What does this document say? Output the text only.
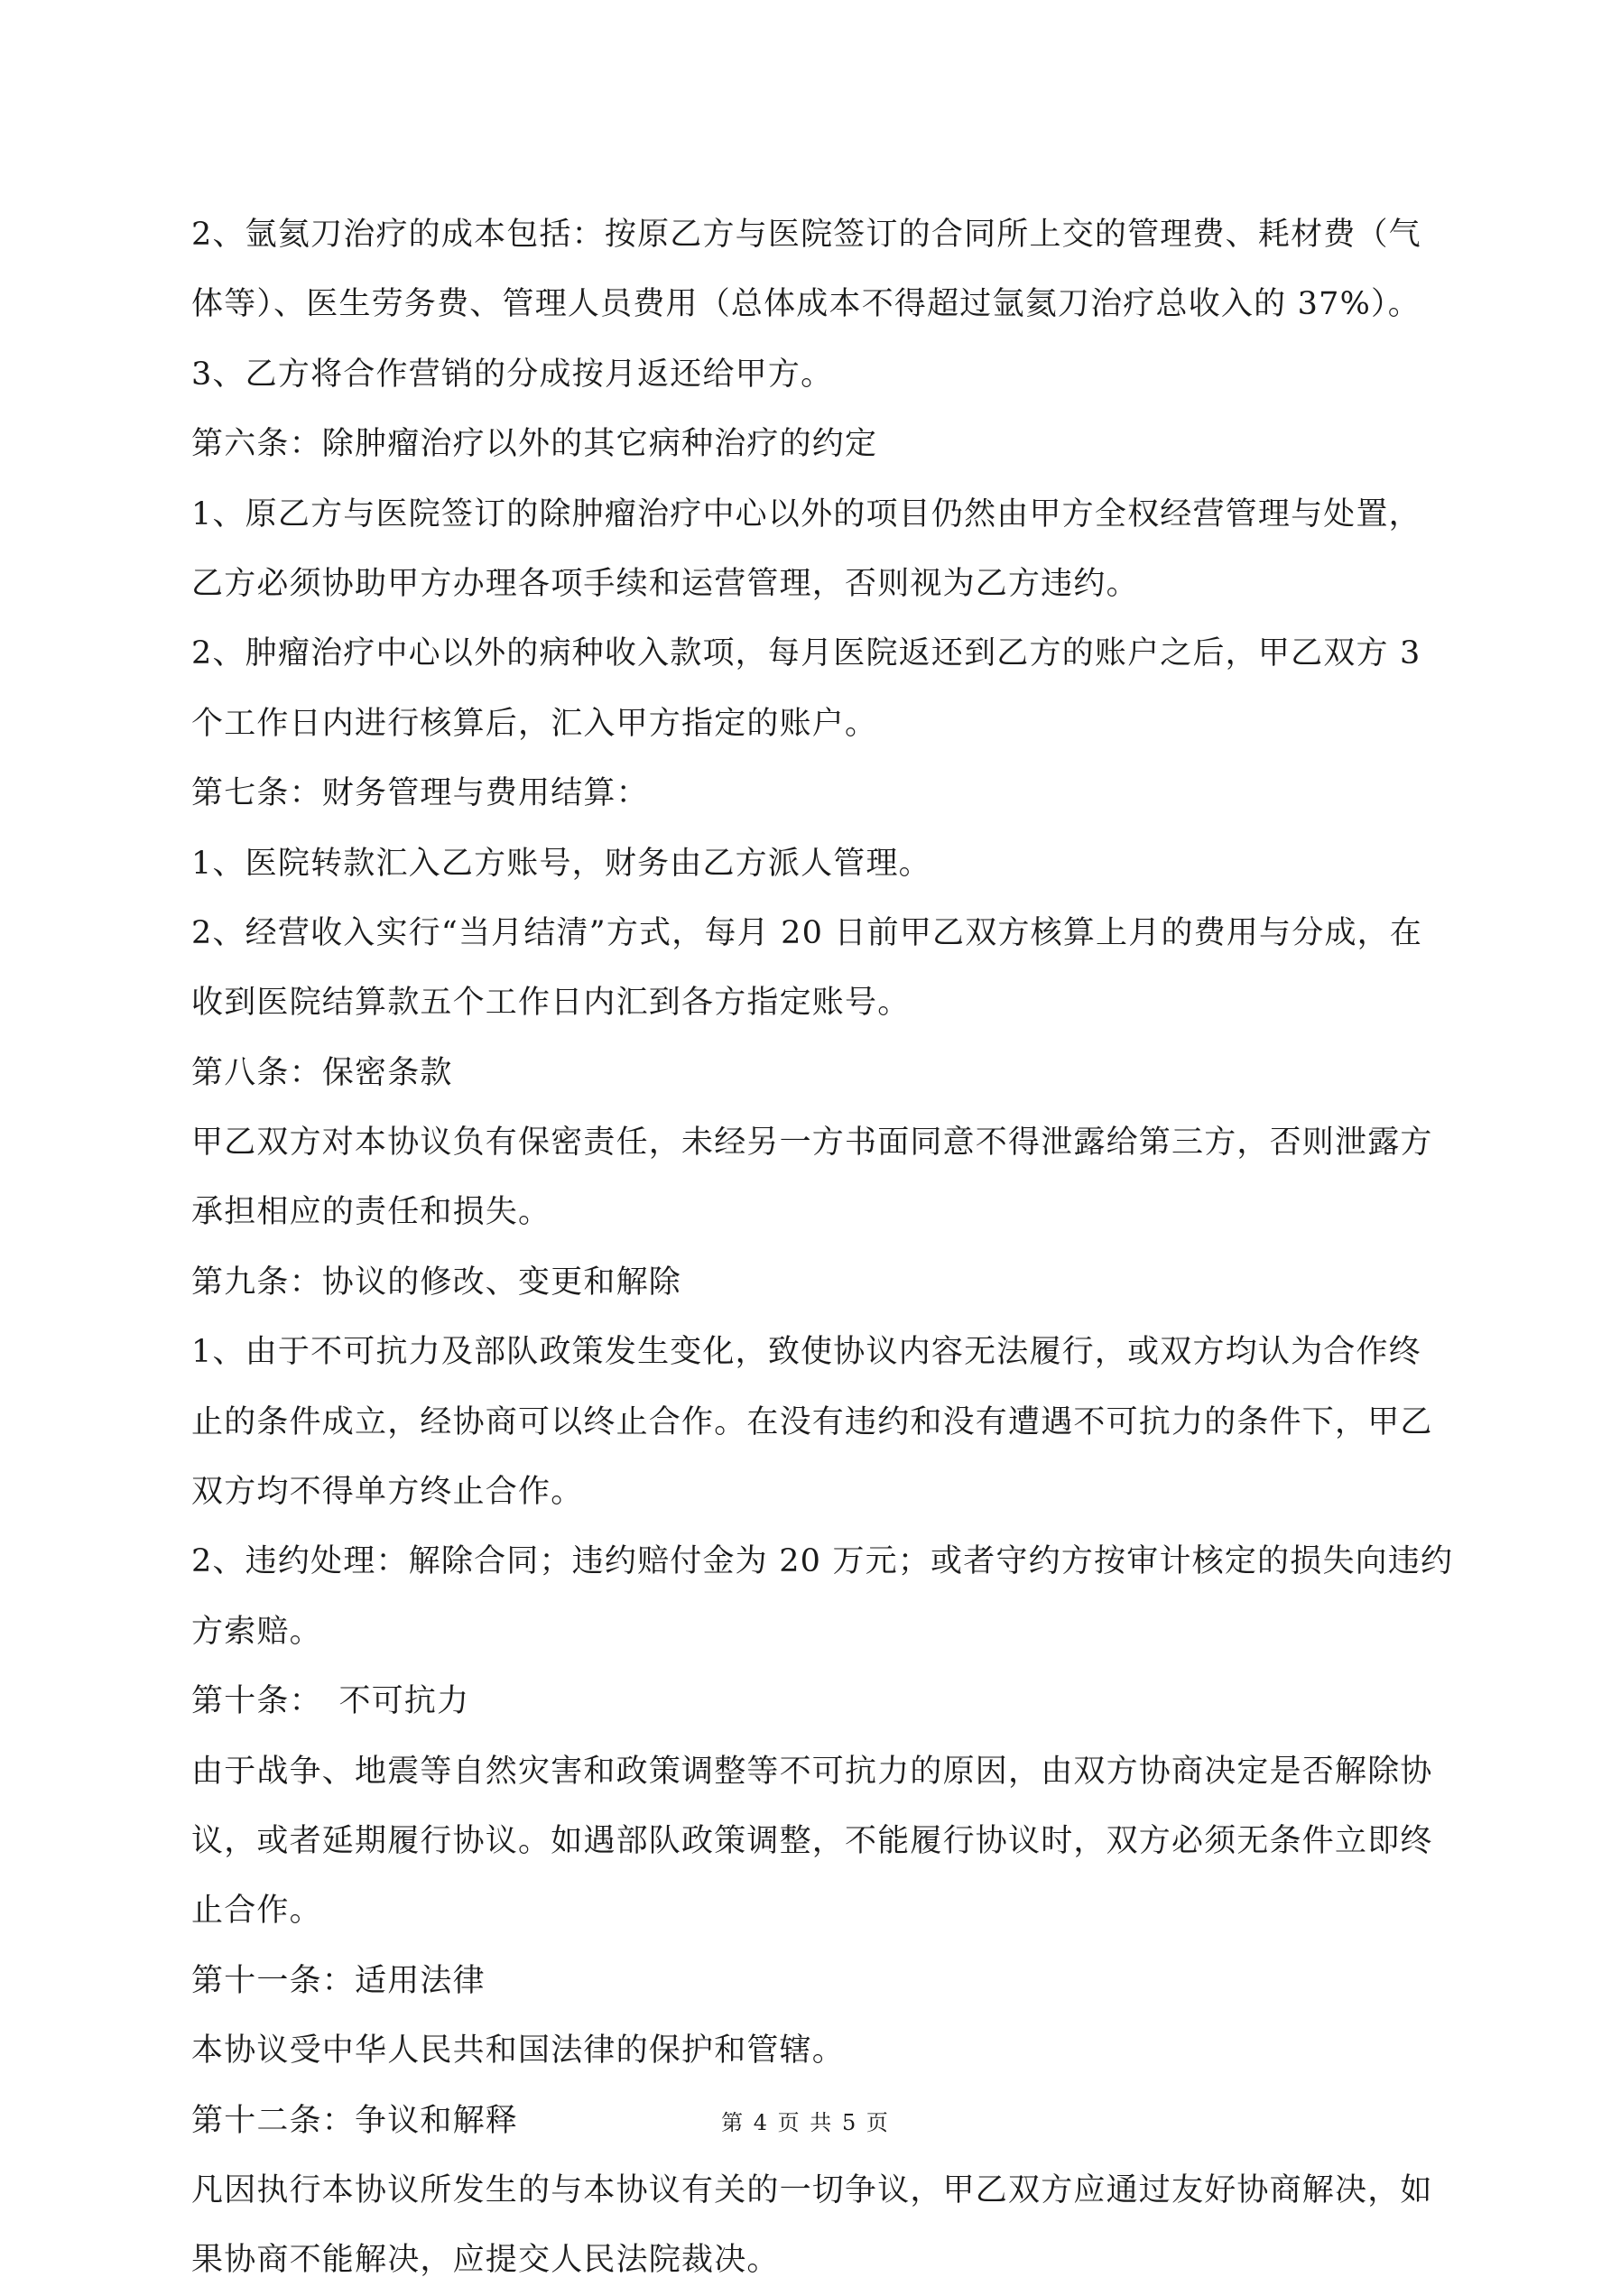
2、氩氦刀治疗的成本包括：按原乙方与医院签订的合同所上交的管理费、耗材费（气
体等）、医生劳务费、管理人员费用（总体成本不得超过氩氦刀治疗总收入的 37%）。
3、乙方将合作营销的分成按月返还给甲方。
第六条：除肿瘤治疗以外的其它病种治疗的约定
1、原乙方与医院签订的除肿瘤治疗中心以外的项目仍然由甲方全权经营管理与处置，
乙方必须协助甲方办理各项手续和运营管理，否则视为乙方违约。
2、肿瘤治疗中心以外的病种收入款项，每月医院返还到乙方的账户之后，甲乙双方 3
个工作日内进行核算后，汇入甲方指定的账户。
第七条：财务管理与费用结算：
1、医院转款汇入乙方账号，财务由乙方派人管理。
2、经营收入实行“当月结清”方式，每月 20 日前甲乙双方核算上月的费用与分成，在
收到医院结算款五个工作日内汇到各方指定账号。
第八条：保密条款
甲乙双方对本协议负有保密责任，未经另一方书面同意不得泄露给第三方，否则泄露方
承担相应的责任和损失。
第九条：协议的修改、变更和解除
1、由于不可抗力及部队政策发生变化，致使协议内容无法履行，或双方均认为合作终
止的条件成立，经协商可以终止合作。在没有违约和没有遭遇不可抗力的条件下，甲乙
双方均不得单方终止合作。
2、违约处理：解除合同；违约赔付金为 20 万元；或者守约方按审计核定的损失向违约
方索赔。
第十条：　不可抗力
由于战争、地震等自然灾害和政策调整等不可抗力的原因，由双方协商决定是否解除协
议，或者延期履行协议。如遇部队政策调整，不能履行协议时，双方必须无条件立即终
止合作。
第十一条：适用法律
本协议受中华人民共和国法律的保护和管辖。
第十二条：争议和解释
凡因执行本协议所发生的与本协议有关的一切争议，甲乙双方应通过友好协商解决，如
果协商不能解决，应提交人民法院裁决。
第 4 页 共 5 页
